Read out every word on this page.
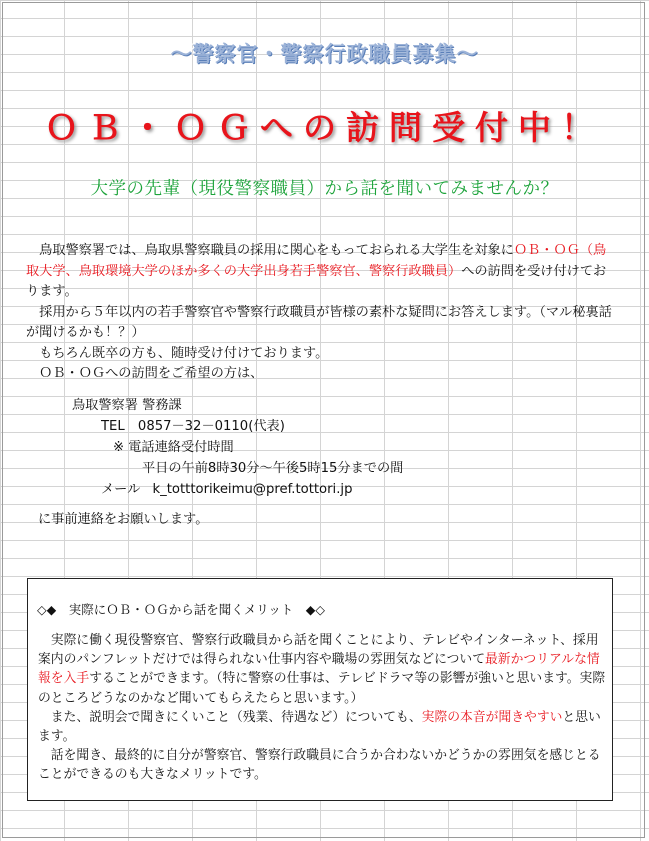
～警察官・警察行政職員募集～
ＯＢ・ＯＧへの訪問受付中！
大学の先輩（現役警察職員）から話を聞いてみませんか？

　鳥取警察署では、鳥取県警察職員の採用に関心をもっておられる大学生を対象にＯＢ・ＯＧ（鳥取大学、鳥取環境大学のほか多くの大学出身若手警察官、警察行政職員）への訪問を受け付けております。

　採用から５年以内の若手警察官や警察行政職員が皆様の素朴な疑問にお答えします。（マル秘裏話が聞けるかも！？）

　もちろん既卒の方も、随時受け付けております。

　ＯＢ・ＯＧへの訪問をご希望の方は、

鳥取警察署 警務課
TEL　0857－32－0110(代表)
※ 電話連絡受付時間
平日の午前8時30分～午後5時15分までの間
メール k_totttorikeimu@pref.tottori.jp
に事前連絡をお願いします。
◇◆　実際にＯＢ・ＯＧから話を聞くメリット　◆◇

　実際に働く現役警察官、警察行政職員から話を聞くことにより、テレビやインターネット、採用案内のパンフレットだけでは得られない仕事内容や職場の雰囲気などについて最新かつリアルな情報を入手することができます。（特に警察の仕事は、テレビドラマ等の影響が強いと思います。実際のところどうなのかなど聞いてもらえたらと思います。）

　また、説明会で聞きにくいこと（残業、待遇など）についても、実際の本音が聞きやすいと思います。

　話を聞き、最終的に自分が警察官、警察行政職員に合うか合わないかどうかの雰囲気を感じとることができるのも大きなメリットです。
